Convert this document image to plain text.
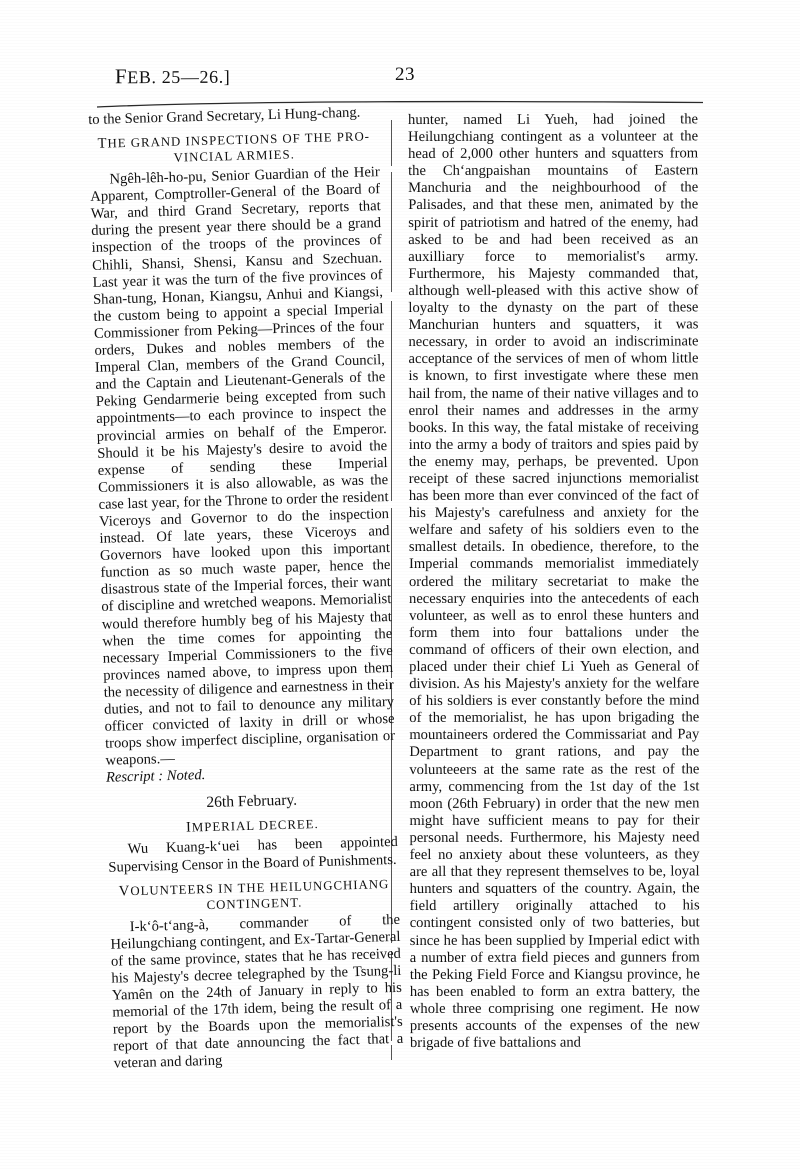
FEB. 25—26.]	23

to the Senior Grand Secretary, Li Hung-chang.

THE GRAND INSPECTIONS OF THE PRO-VINCIAL ARMIES.

Ngêh-lêh-ho-pu, Senior Guardian of the Heir Apparent, Comptroller-General of the Board of War, and third Grand Secretary, reports that during the present year there should be a grand inspection of the troops of the provinces of Chihli, Shansi, Shensi, Kansu and Szechuan. Last year it was the turn of the five provinces of Shan-tung, Honan, Kiangsu, Anhui and Kiangsi, the custom being to appoint a special Imperial Commissioner from Peking—Princes of the four orders, Dukes and nobles members of the Imperal Clan, members of the Grand Council, and the Captain and Lieutenant-Generals of the Peking Gendarmerie being excepted from such appointments—to each province to inspect the provincial armies on behalf of the Emperor. Should it be his Majesty's desire to avoid the expense of sending these Imperial Commissioners it is also allowable, as was the case last year, for the Throne to order the resident Viceroys and Governor to do the inspection instead. Of late years, these Viceroys and Governors have looked upon this important function as so much waste paper, hence the disastrous state of the Imperial forces, their want of discipline and wretched weapons. Memorialist would therefore humbly beg of his Majesty that when the time comes for appointing the necessary Imperial Commissioners to the five provinces named above, to impress upon them the necessity of diligence and earnestness in their duties, and not to fail to denounce any military officer convicted of laxity in drill or whose troops show imperfect discipline, organisation or weapons.—

Rescript : Noted.

26th February.
IMPERIAL DECREE.

Wu Kuang-k‘uei has been appointed Supervising Censor in the Board of Punishments.

VOLUNTEERS IN THE HEILUNGCHIANG CONTINGENT.

I-k‘ô-t‘ang-à, commander of the Heilungchiang contingent, and Ex-Tartar-General of the same province, states that he has received his Majesty's decree telegraphed by the Tsung-li Yamên on the 24th of January in reply to his memorial of the 17th idem, being the result of a report by the Boards upon the memorialist's report of that date announcing the fact that a veteran and daring

hunter, named Li Yueh, had joined the Heilungchiang contingent as a volunteer at the head of 2,000 other hunters and squatters from the Ch‘angpaishan mountains of Eastern Manchuria and the neighbourhood of the Palisades, and that these men, animated by the spirit of patriotism and hatred of the enemy, had asked to be and had been received as an auxilliary force to memorialist's army. Furthermore, his Majesty commanded that, although well-pleased with this active show of loyalty to the dynasty on the part of these Manchurian hunters and squatters, it was necessary, in order to avoid an indiscriminate acceptance of the services of men of whom little is known, to first investigate where these men hail from, the name of their native villages and to enrol their names and addresses in the army books. In this way, the fatal mistake of receiving into the army a body of traitors and spies paid by the enemy may, perhaps, be prevented. Upon receipt of these sacred injunctions memorialist has been more than ever convinced of the fact of his Majesty's carefulness and anxiety for the welfare and safety of his soldiers even to the smallest details. In obedience, therefore, to the Imperial commands memorialist immediately ordered the military secretariat to make the necessary enquiries into the antecedents of each volunteer, as well as to enrol these hunters and form them into four battalions under the command of officers of their own election, and placed under their chief Li Yueh as General of division. As his Majesty's anxiety for the welfare of his soldiers is ever constantly before the mind of the memorialist, he has upon brigading the mountaineers ordered the Commissariat and Pay Department to grant rations, and pay the volunteeers at the same rate as the rest of the army, commencing from the 1st day of the 1st moon (26th February) in order that the new men might have sufficient means to pay for their personal needs. Furthermore, his Majesty need feel no anxiety about these volunteers, as they are all that they represent themselves to be, loyal hunters and squatters of the country. Again, the field artillery originally attached to his contingent consisted only of two batteries, but since he has been supplied by Imperial edict with a number of extra field pieces and gunners from the Peking Field Force and Kiangsu province, he has been enabled to form an extra battery, the whole three comprising one regiment. He now presents accounts of the expenses of the new brigade of five battalions and
